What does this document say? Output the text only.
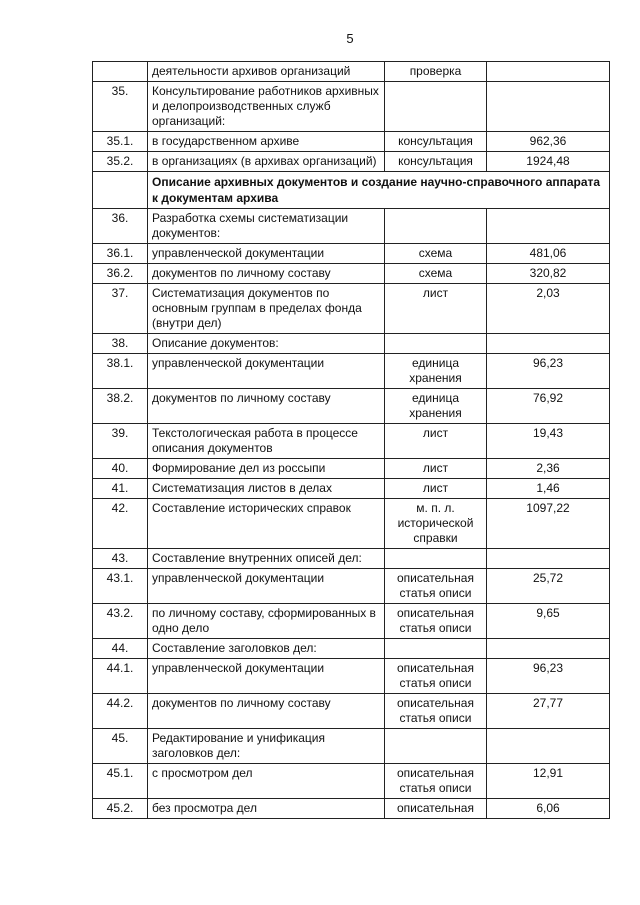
5
	деятельности архивов организаций	проверка	
35.	Консультирование работников архивных и делопроизводственных служб организаций:		
35.1.	в государственном архиве	консультация	962,36
35.2.	в организациях (в архивах организаций)	консультация	1924,48
	Описание архивных документов и создание научно-справочного аппарата к документам архива		
36.	Разработка схемы систематизации документов:		
36.1.	управленческой документации	схема	481,06
36.2.	документов по личному составу	схема	320,82
37.	Систематизация документов по основным группам в пределах фонда (внутри дел)	лист	2,03
38.	Описание документов:		
38.1.	управленческой документации	единица хранения	96,23
38.2.	документов по личному составу	единица хранения	76,92
39.	Текстологическая работа в процессе описания документов	лист	19,43
40.	Формирование дел из россыпи	лист	2,36
41.	Систематизация листов в делах	лист	1,46
42.	Составление исторических справок	м. п. л. исторической справки	1097,22
43.	Составление внутренних описей дел:		
43.1.	управленческой документации	описательная статья описи	25,72
43.2.	по личному составу, сформированных в одно дело	описательная статья описи	9,65
44.	Составление заголовков дел:		
44.1.	управленческой документации	описательная статья описи	96,23
44.2.	документов по личному составу	описательная статья описи	27,77
45.	Редактирование и унификация заголовков дел:		
45.1.	с просмотром дел	описательная статья описи	12,91
45.2.	без просмотра дел	описательная	6,06
